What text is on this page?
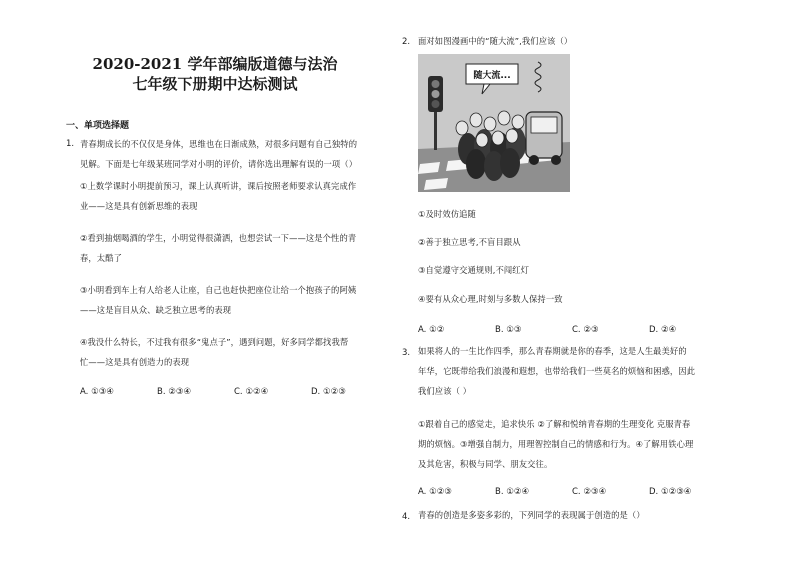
2020-2021 学年部编版道德与法治
七年级下册期中达标测试
一、单项选择题
1. 青春期成长的不仅仅是身体，思维也在日渐成熟，对很多问题有自己独特的
见解。下面是七年级某班同学对小明的评价，请你选出理解有误的一项（）
①上数学课时小明提前预习，课上认真听讲，课后按照老师要求认真完成作
业——这是具有创新思维的表现
②看到抽烟喝酒的学生，小明觉得很潇洒，也想尝试一下——这是个性的青
春，太酷了
③小明看到车上有人给老人让座，自己也赶快把座位让给一个抱孩子的阿姨
——这是盲目从众、缺乏独立思考的表现
④我没什么特长，不过我有很多“鬼点子”，遇到问题，好多同学都找我帮
忙——这是具有创造力的表现
A. ①③④	B. ②③④	C. ①②④	D. ①②③
2. 面对如图漫画中的“随大流”,我们应该（）
随大流...
①及时效仿追随
②善于独立思考,不盲目跟从
③自觉遵守交通规则,不闯红灯
④要有从众心理,时刻与多数人保持一致
A. ①②	B. ①③	C. ②③	D. ②④
3. 如果将人的一生比作四季，那么青春期就是你的春季，这是人生最美好的
年华，它既带给我们浪漫和遐想，也带给我们一些莫名的烦恼和困惑，因此
我们应该（ ）
①跟着自己的感觉走，追求快乐 ②了解和悦纳青春期的生理变化 克服青春
期的烦恼。③增强自制力，用理智控制自己的情感和行为。④了解用铁心理
及其危害，积极与同学、朋友交往。
A. ①②③	B. ①②④	C. ②③④	D. ①②③④
4. 青春的创造是多姿多彩的，下列同学的表现属于创造的是（）
